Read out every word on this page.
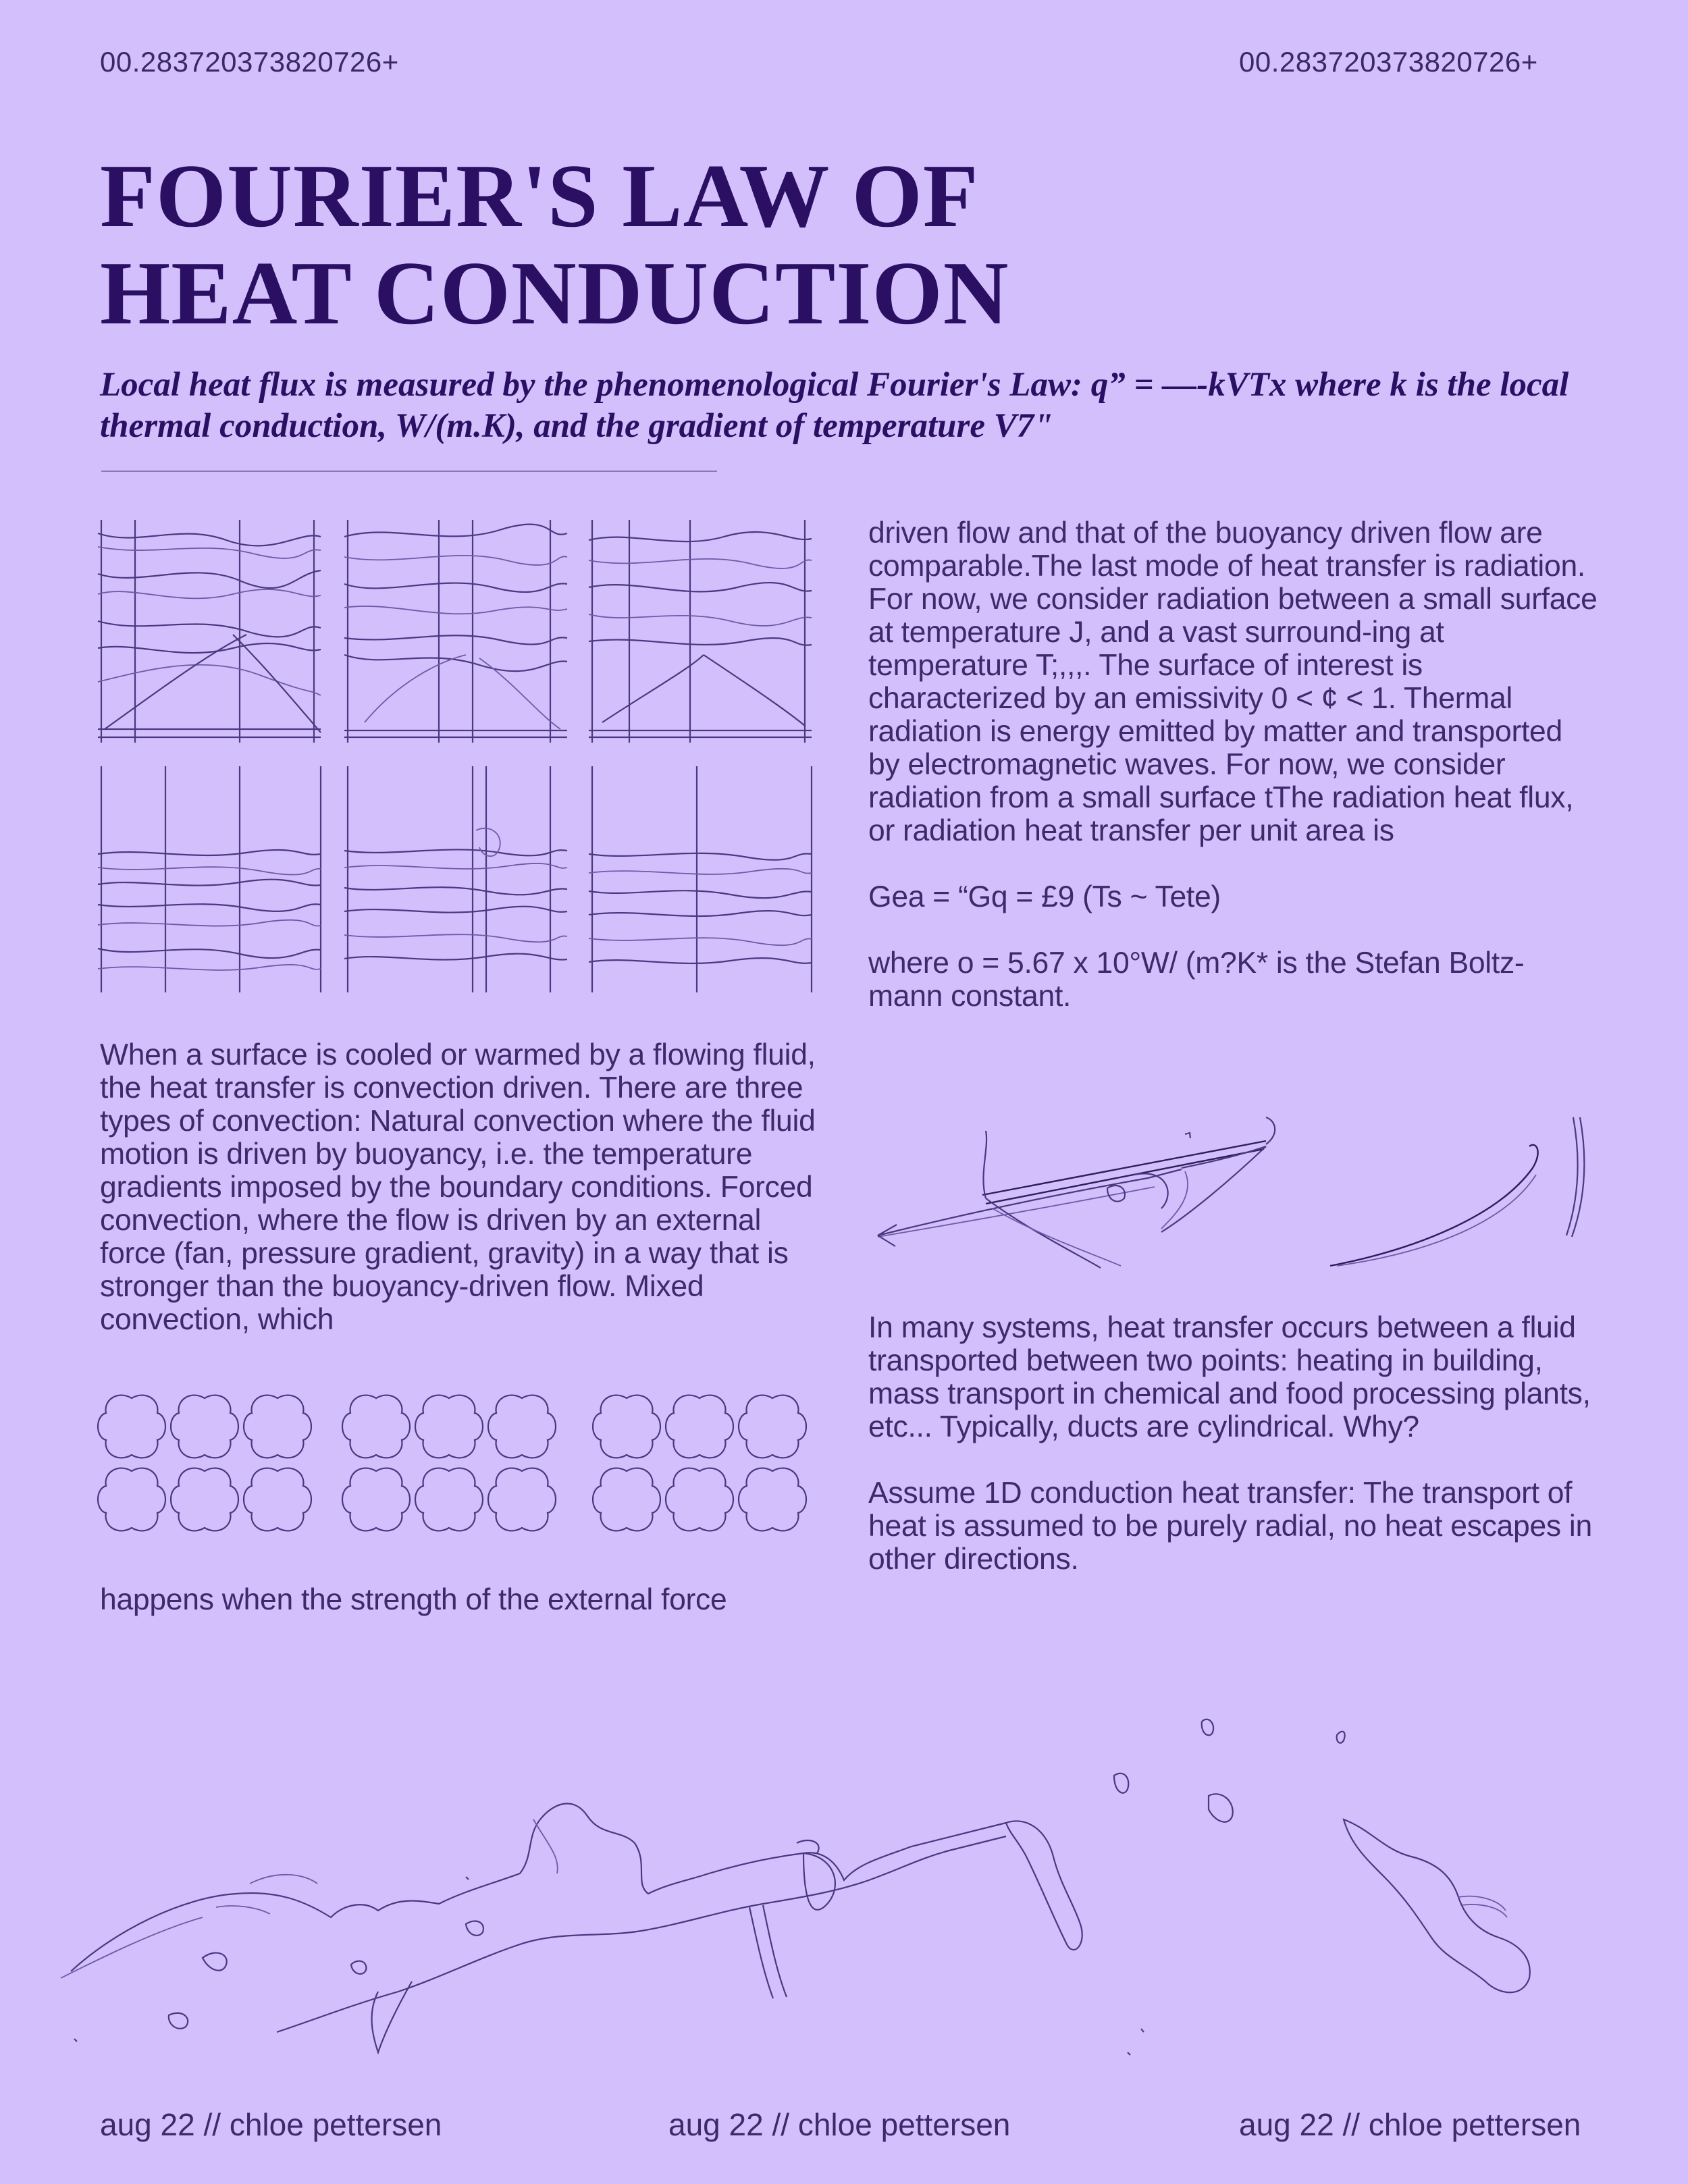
00.283720373820726+	00.283720373820726+
FOURIER'S LAW OF
HEAT CONDUCTION

Local heat flux is measured by the phenomenological Fourier's Law: q” = —-kVTx where k is the local thermal conduction, W/(m.K), and the gradient of temperature V7"

When a surface is cooled or warmed by a flowing fluid, the heat transfer is convection driven. There are three types of convection: Natural convection where the fluid motion is driven by buoyancy, i.e. the temperature gradients imposed by the boundary conditions. Forced convection, where the flow is driven by an external force (fan, pressure gradient, gravity) in a way that is stronger than the buoyancy-driven flow. Mixed convection, which

happens when the strength of the external force

driven flow and that of the buoyancy driven flow are comparable.The last mode of heat transfer is radiation. For now, we consider radiation between a small surface at temperature J, and a vast surround-ing at temperature T;,,,. The surface of interest is characterized by an emissivity 0 < ¢ < 1. Thermal radiation is energy emitted by matter and transported by electromagnetic waves. For now, we consider radiation from a small surface tThe radiation heat flux, or radiation heat transfer per unit area is

Gea = “Gq = £9 (Ts ~ Tete)

where o = 5.67 x 10°W/ (m?K* is the Stefan Boltz-mann constant.

In many systems, heat transfer occurs between a fluid transported between two points: heating in building, mass transport in chemical and food processing plants, etc... Typically, ducts are cylindrical. Why?

Assume 1D conduction heat transfer: The transport of heat is assumed to be purely radial, no heat escapes in other directions.

aug 22 // chloe pettersen	aug 22 // chloe pettersen	aug 22 // chloe pettersen
